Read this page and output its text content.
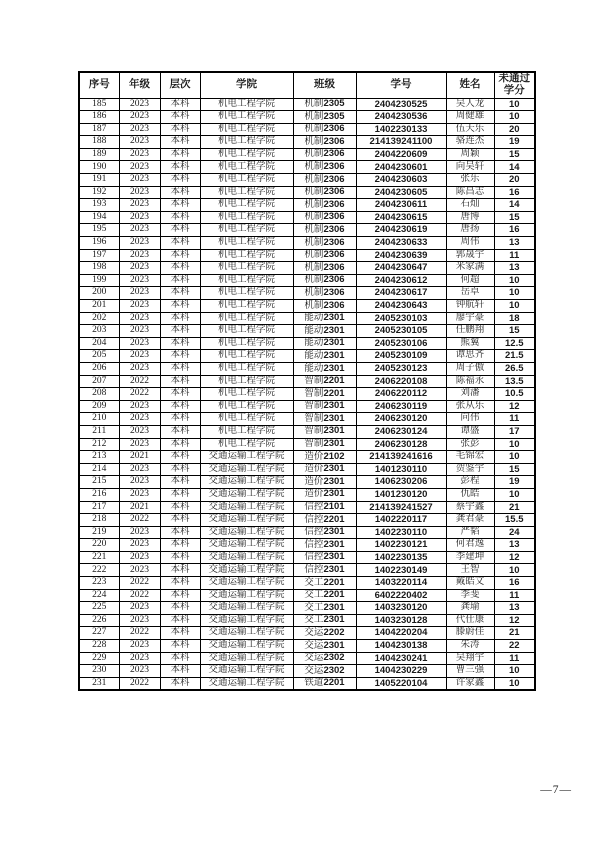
序号	年级	层次	学院	班级	学号	姓名	未通过学分
185	2023	本科	机电工程学院	机制2305	2404230525	吴人龙	10
186	2023	本科	机电工程学院	机制2305	2404230536	周健雄	10
187	2023	本科	机电工程学院	机制2306	1402230133	伍天乐	20
188	2023	本科	机电工程学院	机制2306	214139241100	骆连杰	19
189	2023	本科	机电工程学院	机制2306	2404220609	周颖	15
190	2023	本科	机电工程学院	机制2306	2404230601	向吴轩	14
191	2023	本科	机电工程学院	机制2306	2404230603	张乐	20
192	2023	本科	机电工程学院	机制2306	2404230605	陈昌志	16
193	2023	本科	机电工程学院	机制2306	2404230611	石灿	14
194	2023	本科	机电工程学院	机制2306	2404230615	唐博	15
195	2023	本科	机电工程学院	机制2306	2404230619	唐扬	16
196	2023	本科	机电工程学院	机制2306	2404230633	周伟	13
197	2023	本科	机电工程学院	机制2306	2404230639	郭晟宇	11
198	2023	本科	机电工程学院	机制2306	2404230647	米家满	13
199	2023	本科	机电工程学院	机制2306	2404230612	何超	10
200	2023	本科	机电工程学院	机制2306	2404230617	岳卓	10
201	2023	本科	机电工程学院	机制2306	2404230643	钟航轩	10
202	2023	本科	机电工程学院	能动2301	2405230103	廖宇豪	18
203	2023	本科	机电工程学院	能动2301	2405230105	任鹏翔	15
204	2023	本科	机电工程学院	能动2301	2405230106	熊翼	12.5
205	2023	本科	机电工程学院	能动2301	2405230109	谭思齐	21.5
206	2023	本科	机电工程学院	能动2301	2405230123	周子傲	26.5
207	2022	本科	机电工程学院	智制2201	2406220108	陈福永	13.5
208	2022	本科	机电工程学院	智制2201	2406220112	刘潘	10.5
209	2023	本科	机电工程学院	智制2301	2406230119	张从乐	12
210	2023	本科	机电工程学院	智制2301	2406230120	向伟	11
211	2023	本科	机电工程学院	智制2301	2406230124	谭盛	17
212	2023	本科	机电工程学院	智制2301	2406230128	张彭	10
213	2021	本科	交通运输工程学院	造价2102	214139241616	毛锦宏	10
214	2023	本科	交通运输工程学院	造价2301	1401230110	贺鉴宇	15
215	2023	本科	交通运输工程学院	造价2301	1406230206	彭程	19
216	2023	本科	交通运输工程学院	造价2301	1401230120	仇皓	10
217	2021	本科	交通运输工程学院	信控2101	214139241527	蔡宇鑫	21
218	2022	本科	交通运输工程学院	信控2201	1402220117	龚君豪	15.5
219	2023	本科	交通运输工程学院	信控2301	1402230110	严韬	24
220	2023	本科	交通运输工程学院	信控2301	1402230121	何君逸	13
221	2023	本科	交通运输工程学院	信控2301	1402230135	李建坤	12
222	2023	本科	交通运输工程学院	信控2301	1402230149	王智	10
223	2022	本科	交通运输工程学院	交工2201	1403220114	戴皓文	16
224	2022	本科	交通运输工程学院	交工2201	6402220402	李斐	11
225	2023	本科	交通运输工程学院	交工2301	1403230120	龚瑜	13
226	2023	本科	交通运输工程学院	交工2301	1403230128	代仕康	12
227	2022	本科	交通运输工程学院	交运2202	1404220204	滕蔚佳	21
228	2023	本科	交通运输工程学院	交运2301	1404230138	朱涛	22
229	2023	本科	交通运输工程学院	交运2302	1404230241	吴翔宇	11
230	2023	本科	交通运输工程学院	交运2302	1404230229	曹三强	10
231	2022	本科	交通运输工程学院	铁道2201	1405220104	许家鑫	10
—7—
